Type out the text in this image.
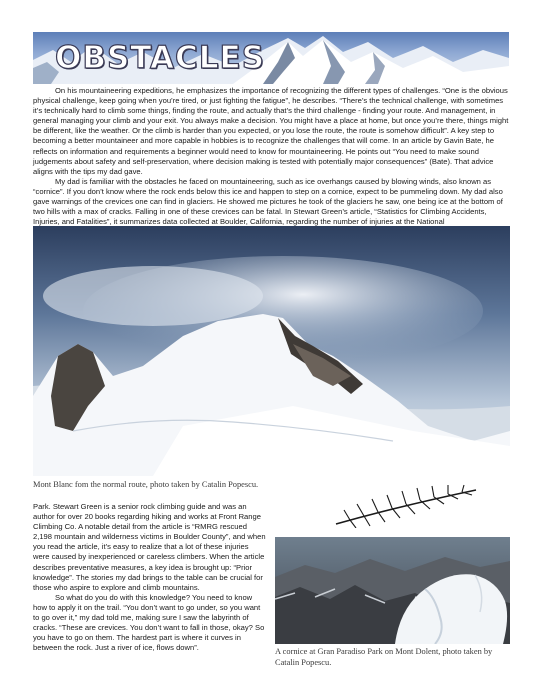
OBSTACLES

On his mountaineering expeditions, he emphasizes the importance of recognizing the different types of challenges. “One is the obvious physical challenge, keep going when you’re tired, or just fighting the fatigue”, he describes. “There’s the technical challenge, with sometimes it’s technically hard to climb some things, finding the route, and actually that’s the third challenge - finding your route. And management, in general managing your climb and your exit. You always make a decision. You might have a place at home, but once you’re there, things might be different, like the weather. Or the climb is harder than you expected, or you lose the route, the route is somehow difficult”. A key step to becoming a better mountaineer and more capable in hobbies is to recognize the challenges that will come. In an article by Gavin Bate, he reflects on information and requirements a beginner would need to know for mountaineering. He points out “You need to make sound judgements about safety and self-preservation, where decision making is tested with potentially major consequences” (Bate). That advice aligns with the tips my dad gave.

My dad is familiar with the obstacles he faced on mountaineering, such as ice overhangs caused by blowing winds, also known as “cornice”. If you don’t know where the rock ends below this ice and happen to step on a cornice, expect to be pummeling down. My dad also gave warnings of the crevices one can find in glaciers. He showed me pictures he took of the glaciers he saw, one being ice at the bottom of two hills with a max of cracks. Falling in one of these crevices can be fatal. In Stewart Green’s article, “Statistics for Climbing Accidents, Injuries, and Fatalities”, it summarizes data collected at Boulder, California, regarding the number of injuries at the National

Mont Blanc fom the normal route, photo taken by Catalin Popescu.

Park. Stewart Green is a senior rock climbing guide and was an author for over 20 books regarding hiking and works at Front Range Climbing Co. A notable detail from the article is “RMRG rescued 2,198 mountain and wilderness victims in Boulder County”, and when you read the article, it’s easy to realize that a lot of these injuries were caused by inexperienced or careless climbers. When the article describes preventative measures, a key idea is brought up: “Prior knowledge”. The stories my dad brings to the table can be crucial for those who aspire to explore and climb mountains.

So what do you do with this knowledge? You need to know how to apply it on the trail. “You don’t want to go under, so you want to go over it,” my dad told me, making sure I saw the labyrinth of cracks. “These are crevices. You don’t want to fall in those, okay? So you have to go on them. The hardest part is where it curves in between the rock. Just a river of ice, flows down”.	A cornice at Gran Paradiso Park on Mont Dolent, photo taken by Catalin Popescu.
